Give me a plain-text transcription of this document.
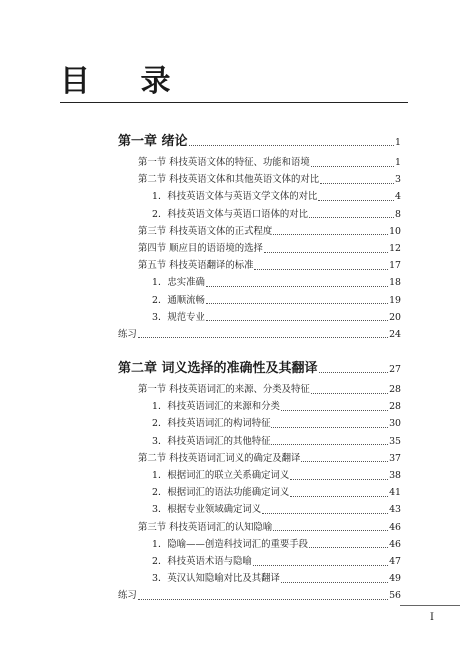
目 录
第一章 绪论	1
第一节 科技英语文体的特征、功能和语境	1
第二节 科技英语文体和其他英语文体的对比	3
1．科技英语文体与英语文学文体的对比	4
2．科技英语文体与英语口语体的对比	8
第三节 科技英语文体的正式程度	10
第四节 顺应目的语语境的选择	12
第五节 科技英语翻译的标准	17
1．忠实准确	18
2．通顺流畅	19
3．规范专业	20
练习	24
第二章 词义选择的准确性及其翻译	27
第一节 科技英语词汇的来源、分类及特征	28
1．科技英语词汇的来源和分类	28
2．科技英语词汇的构词特征	30
3．科技英语词汇的其他特征	35
第二节 科技英语词汇词义的确定及翻译	37
1．根据词汇的联立关系确定词义	38
2．根据词汇的语法功能确定词义	41
3．根据专业领域确定词义	43
第三节 科技英语词汇的认知隐喻	46
1．隐喻——创造科技词汇的重要手段	46
2．科技英语术语与隐喻	47
3．英汉认知隐喻对比及其翻译	49
练习	56
I
